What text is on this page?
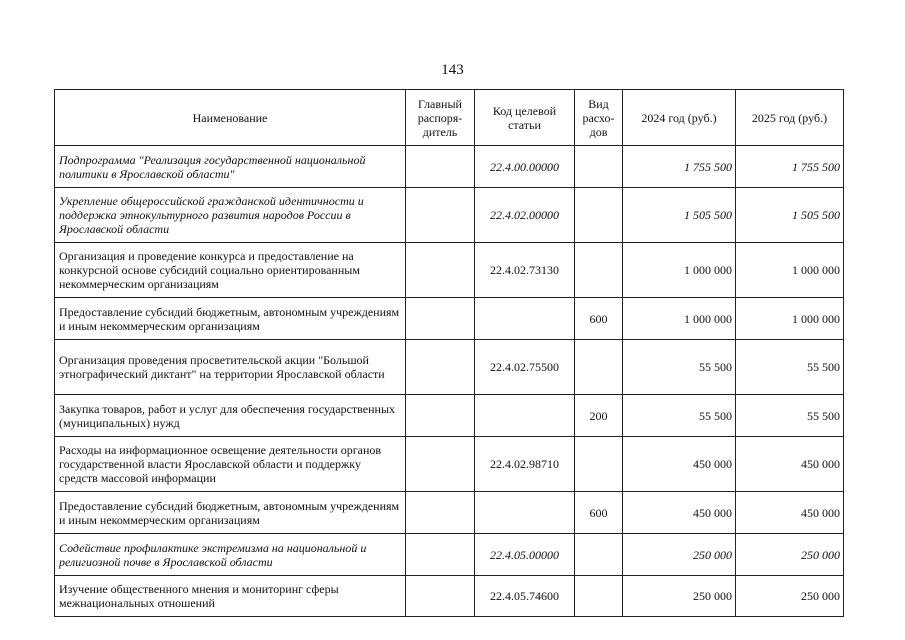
143
Наименование	Главный распоря-дитель	Код целевой статьи	Вид расхо-дов	2024 год (руб.)	2025 год (руб.)
Подпрограмма "Реализация государственной национальной политики в Ярославской области"		22.4.00.00000		1 755 500	1 755 500
Укрепление общероссийской гражданской идентичности и поддержка этнокультурного развития народов России в Ярославской области		22.4.02.00000		1 505 500	1 505 500
Организация и проведение конкурса и предоставление на конкурсной основе субсидий социально ориентированным некоммерческим организациям		22.4.02.73130		1 000 000	1 000 000
Предоставление субсидий бюджетным, автономным учреждениям и иным некоммерческим организациям			600	1 000 000	1 000 000
Организация проведения просветительской акции "Большой этнографический диктант" на территории Ярославской области		22.4.02.75500		55 500	55 500
Закупка товаров, работ и услуг для обеспечения государственных (муниципальных) нужд			200	55 500	55 500
Расходы на информационное освещение деятельности органов государственной власти Ярославской области и поддержку средств массовой информации		22.4.02.98710		450 000	450 000
Предоставление субсидий бюджетным, автономным учреждениям и иным некоммерческим организациям			600	450 000	450 000
Содействие профилактике экстремизма на национальной и религиозной почве в Ярославской области		22.4.05.00000		250 000	250 000
Изучение общественного мнения и мониторинг сферы межнациональных отношений		22.4.05.74600		250 000	250 000
